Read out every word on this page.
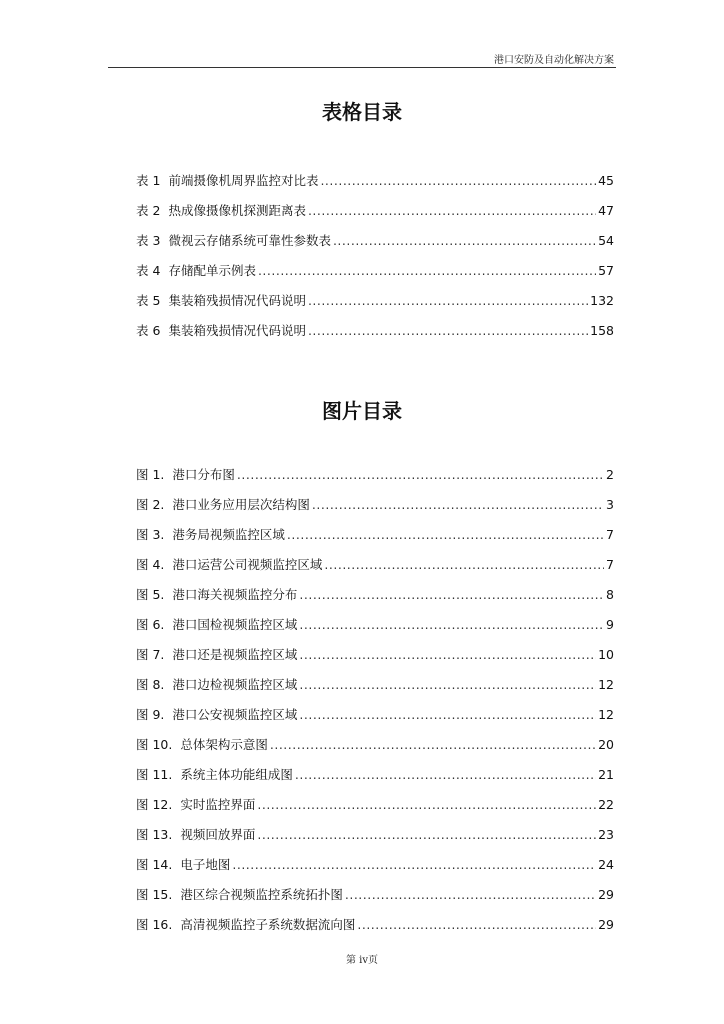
港口安防及自动化解决方案
表格目录
表 1 前端摄像机周界监控对比表 .....	45
表 2 热成像摄像机探测距离表 .....	47
表 3 微视云存储系统可靠性参数表 .....	54
表 4 存储配单示例表 .....	57
表 5 集装箱残损情况代码说明 .....	132
表 6 集装箱残损情况代码说明 .....	158
图片目录
图 1. 港口分布图 .....	2
图 2. 港口业务应用层次结构图 .....	3
图 3. 港务局视频监控区域 .....	7
图 4. 港口运营公司视频监控区域 .....	7
图 5. 港口海关视频监控分布 .....	8
图 6. 港口国检视频监控区域 .....	9
图 7. 港口还是视频监控区域 .....	10
图 8. 港口边检视频监控区域 .....	12
图 9. 港口公安视频监控区域 .....	12
图 10. 总体架构示意图 .....	20
图 11. 系统主体功能组成图 .....	21
图 12. 实时监控界面 .....	22
图 13. 视频回放界面 .....	23
图 14. 电子地图 .....	24
图 15. 港区综合视频监控系统拓扑图 .....	29
图 16. 高清视频监控子系统数据流向图 .....	29
第 iv页
